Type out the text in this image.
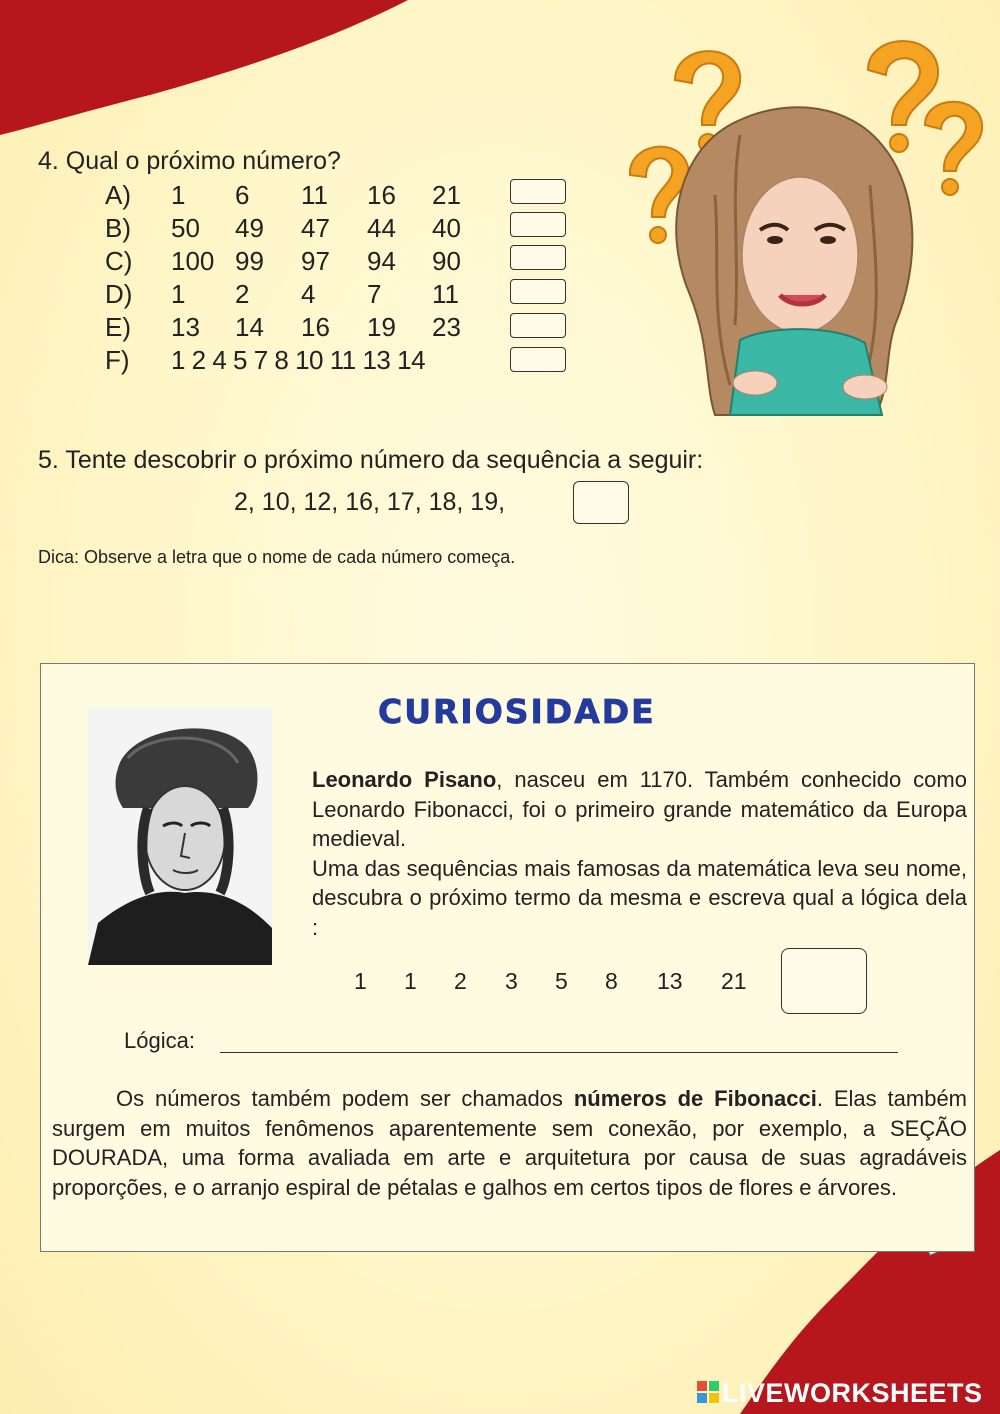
4. Qual o próximo número?
A) 1 6 11 16 21
B) 50 49 47 44 40
C) 100 99 97 94 90
D) 1 2 4 7 11
E) 13 14 16 19 23
F) 1 2 4 5 7 8 10 11 13 14
5. Tente descobrir o próximo número da sequência a seguir:
2, 10, 12, 16, 17, 18, 19,
Dica: Observe a letra que o nome de cada número começa.
CURIOSIDADE
Leonardo Pisano, nasceu em 1170. Também conhecido como Leonardo Fibonacci, foi o primeiro grande matemático da Europa medieval.
Uma das sequências mais famosas da matemática leva seu nome, descubra o próximo termo da mesma e escreva qual a lógica dela :
1 1 2 3 5 8 13 21
Lógica:
Os números também podem ser chamados números de Fibonacci. Elas também surgem em muitos fenômenos aparentemente sem conexão, por exemplo, a SEÇÃO DOURADA, uma forma avaliada em arte e arquitetura por causa de suas agradáveis proporções, e o arranjo espiral de pétalas e galhos em certos tipos de flores e árvores.
LIVEWORKSHEETS
